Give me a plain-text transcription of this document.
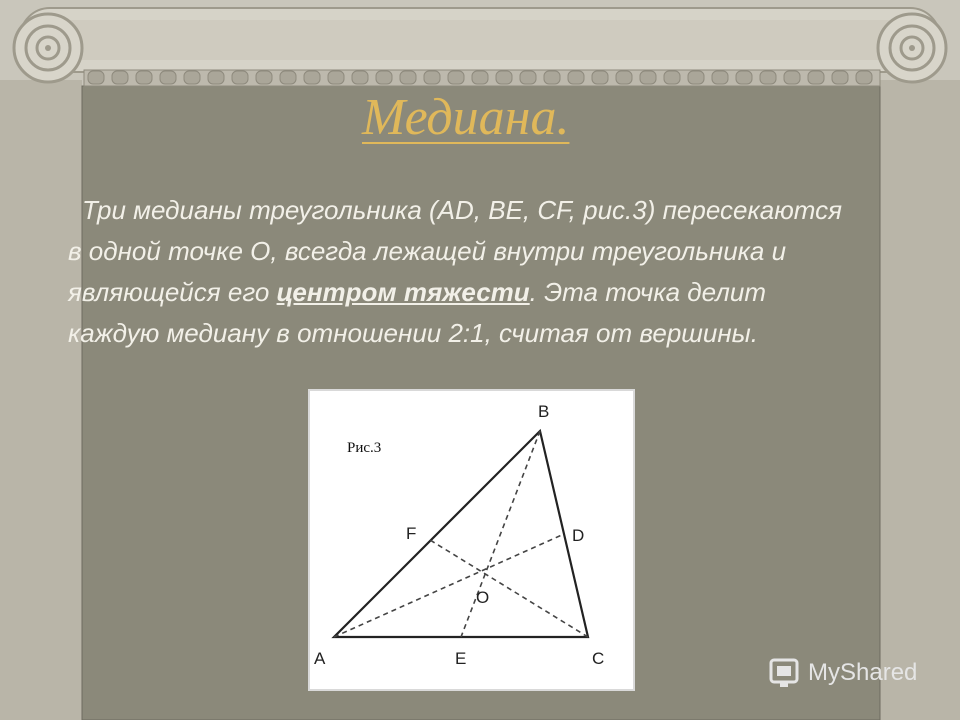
Медиана.
Три медианы треугольника (AD, BE, CF, рис.3) пересекаются
в одной точке О, всегда лежащей внутри треугольника и
являющейся его центром тяжести. Эта точка делит
каждую медиану в отношении 2:1, считая от вершины.
Рис.3
B
F	D
O
A	E	C
MyShared
